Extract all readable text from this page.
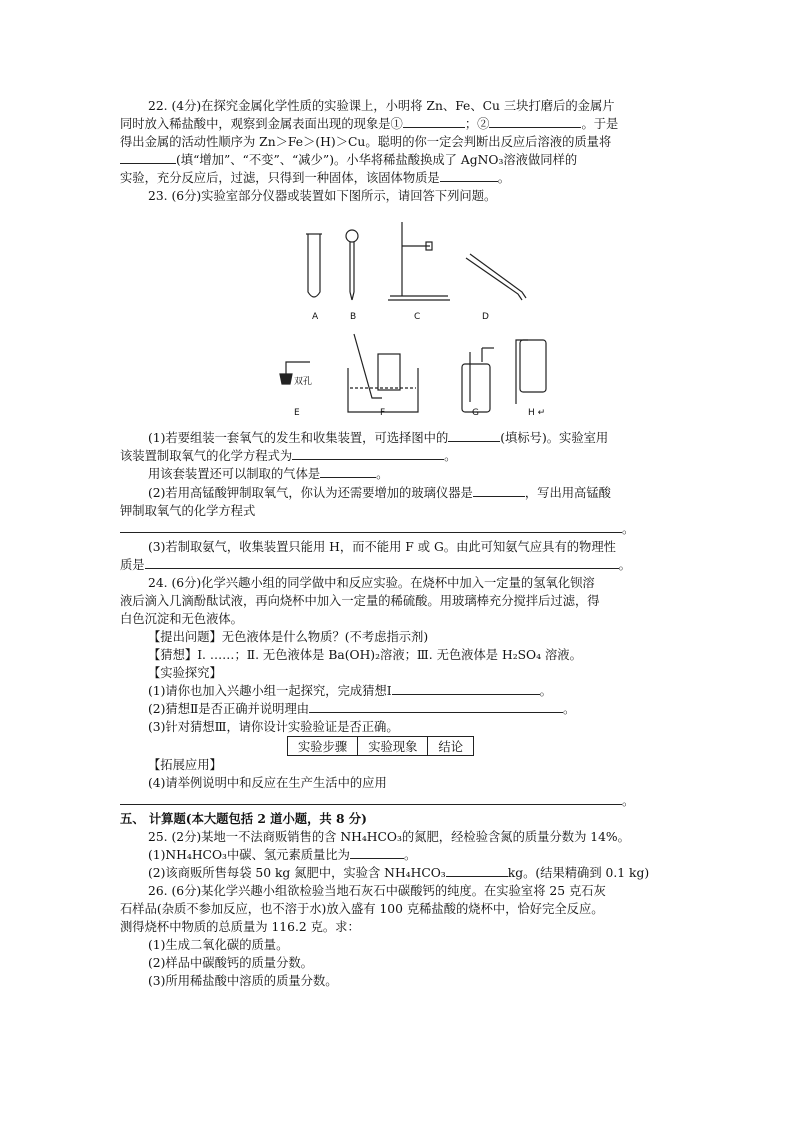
22. (4分)在探究金属化学性质的实验课上，小明将 Zn、Fe、Cu 三块打磨后的金属片
同时放入稀盐酸中，观察到金属表面出现的现象是①	；②	。于是
得出金属的活动性顺序为 Zn＞Fe＞(H)＞Cu。聪明的你一定会判断出反应后溶液的质量将
(填“增加”、“不变”、“减少”)。小华将稀盐酸换成了 AgNO₃溶液做同样的
实验，充分反应后，过滤，只得到一种固体，该固体物质是	。
23. (6分)实验室部分仪器或装置如下图所示，请回答下列问题。
A	B	C	D
E	F	G	H ↵
双孔
(1)若要组装一套氧气的发生和收集装置，可选择图中的	(填标号)。实验室用
该装置制取氧气的化学方程式为	。
用该套装置还可以制取的气体是	。
(2)若用高锰酸钾制取氧气，你认为还需要增加的玻璃仪器是	，写出用高锰酸
钾制取氧气的化学方程式
。
(3)若制取氨气，收集装置只能用 H，而不能用 F 或 G。由此可知氨气应具有的物理性
质是	。
24. (6分)化学兴趣小组的同学做中和反应实验。在烧杯中加入一定量的氢氧化钡溶
液后滴入几滴酚酞试液，再向烧杯中加入一定量的稀硫酸。用玻璃棒充分搅拌后过滤，得
白色沉淀和无色液体。
【提出问题】无色液体是什么物质？(不考虑指示剂)
【猜想】Ⅰ. ……；Ⅱ. 无色液体是 Ba(OH)₂溶液；Ⅲ. 无色液体是 H₂SO₄ 溶液。
【实验探究】
(1)请你也加入兴趣小组一起探究，完成猜想Ⅰ	。
(2)猜想Ⅱ是否正确并说明理由	。
(3)针对猜想Ⅲ，请你设计实验验证是否正确。
实验步骤	实验现象	结论
【拓展应用】
(4)请举例说明中和反应在生产生活中的应用
。
五、 计算题(本大题包括 2 道小题，共 8 分)
25. (2分)某地一不法商贩销售的含 NH₄HCO₃的氮肥，经检验含氮的质量分数为 14%。
(1)NH₄HCO₃中碳、氢元素质量比为	。
(2)该商贩所售每袋 50 kg 氮肥中，实验含 NH₄HCO₃	kg。(结果精确到 0.1 kg)
26. (6分)某化学兴趣小组欲检验当地石灰石中碳酸钙的纯度。在实验室将 25 克石灰
石样品(杂质不参加反应，也不溶于水)放入盛有 100 克稀盐酸的烧杯中，恰好完全反应。
测得烧杯中物质的总质量为 116.2 克。求：
(1)生成二氧化碳的质量。
(2)样品中碳酸钙的质量分数。
(3)所用稀盐酸中溶质的质量分数。
